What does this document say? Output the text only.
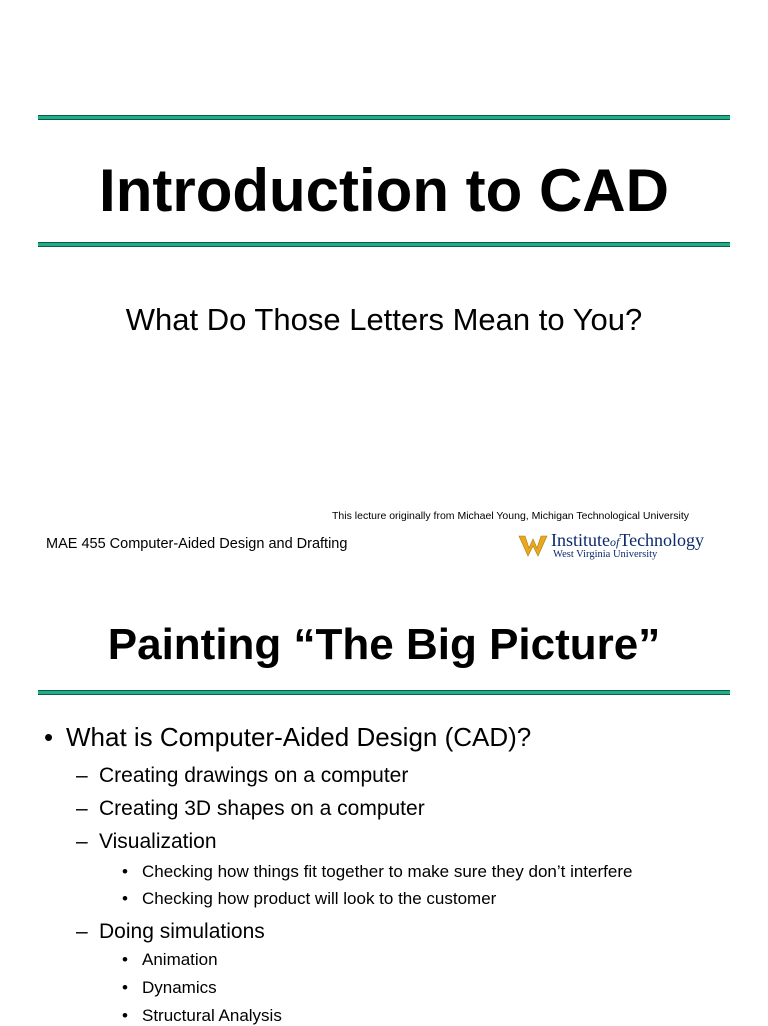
Introduction to CAD

What Do Those Letters Mean to You?

This lecture originally from Michael Young, Michigan Technological University
MAE 455 Computer-Aided Design and Drafting	InstituteofTechnology
West Virginia University
Painting “The Big Picture”
• What is Computer-Aided Design (CAD)?
– Creating drawings on a computer
– Creating 3D shapes on a computer
– Visualization
• Checking how things fit together to make sure they don’t interfere
• Checking how product will look to the customer
– Doing simulations
• Animation
• Dynamics
• Structural Analysis
